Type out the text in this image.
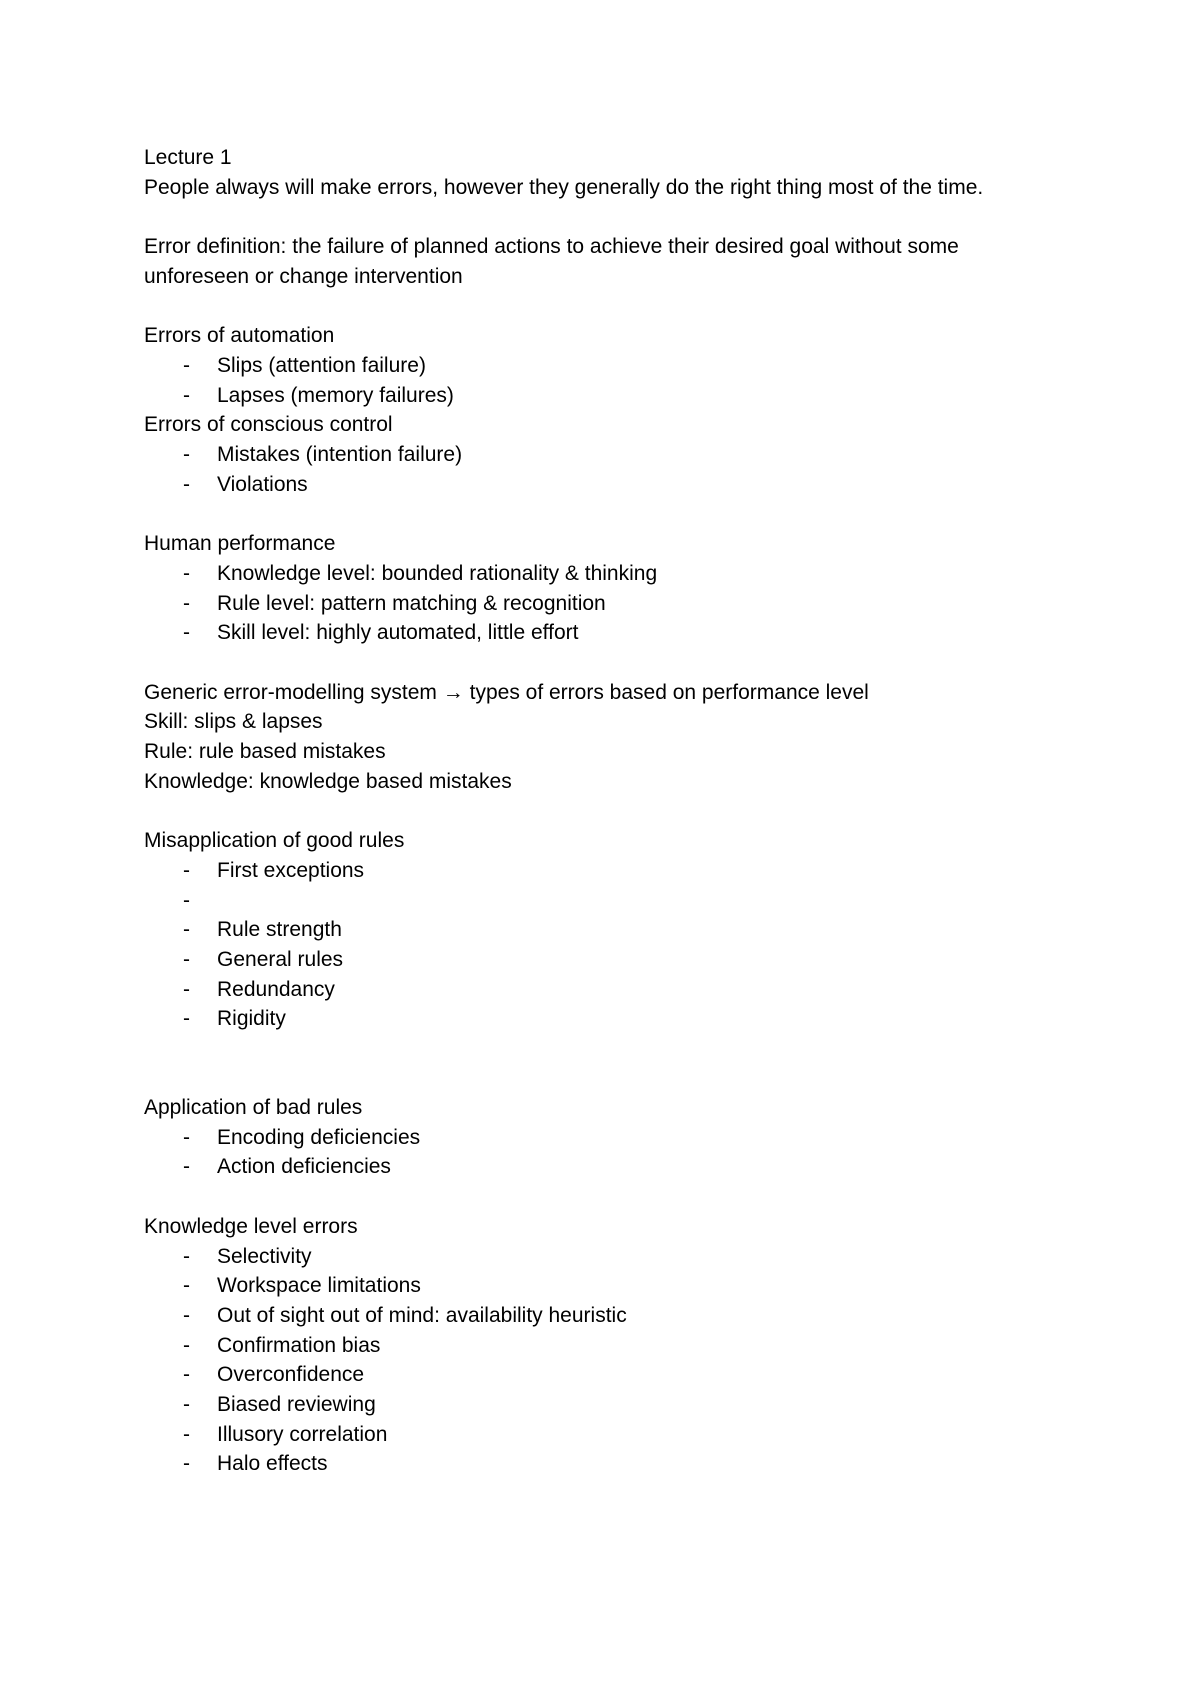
Lecture 1
People always will make errors, however they generally do the right thing most of the time.
Error definition: the failure of planned actions to achieve their desired goal without some
unforeseen or change intervention
Errors of automation
- Slips (attention failure)
- Lapses (memory failures)
Errors of conscious control
- Mistakes (intention failure)
- Violations
Human performance
- Knowledge level: bounded rationality & thinking
- Rule level: pattern matching & recognition
- Skill level: highly automated, little effort
Generic error-modelling system → types of errors based on performance level
Skill: slips & lapses
Rule: rule based mistakes
Knowledge: knowledge based mistakes
Misapplication of good rules
- First exceptions
-
- Rule strength
- General rules
- Redundancy
- Rigidity
Application of bad rules
- Encoding deficiencies
- Action deficiencies
Knowledge level errors
- Selectivity
- Workspace limitations
- Out of sight out of mind: availability heuristic
- Confirmation bias
- Overconfidence
- Biased reviewing
- Illusory correlation
- Halo effects
